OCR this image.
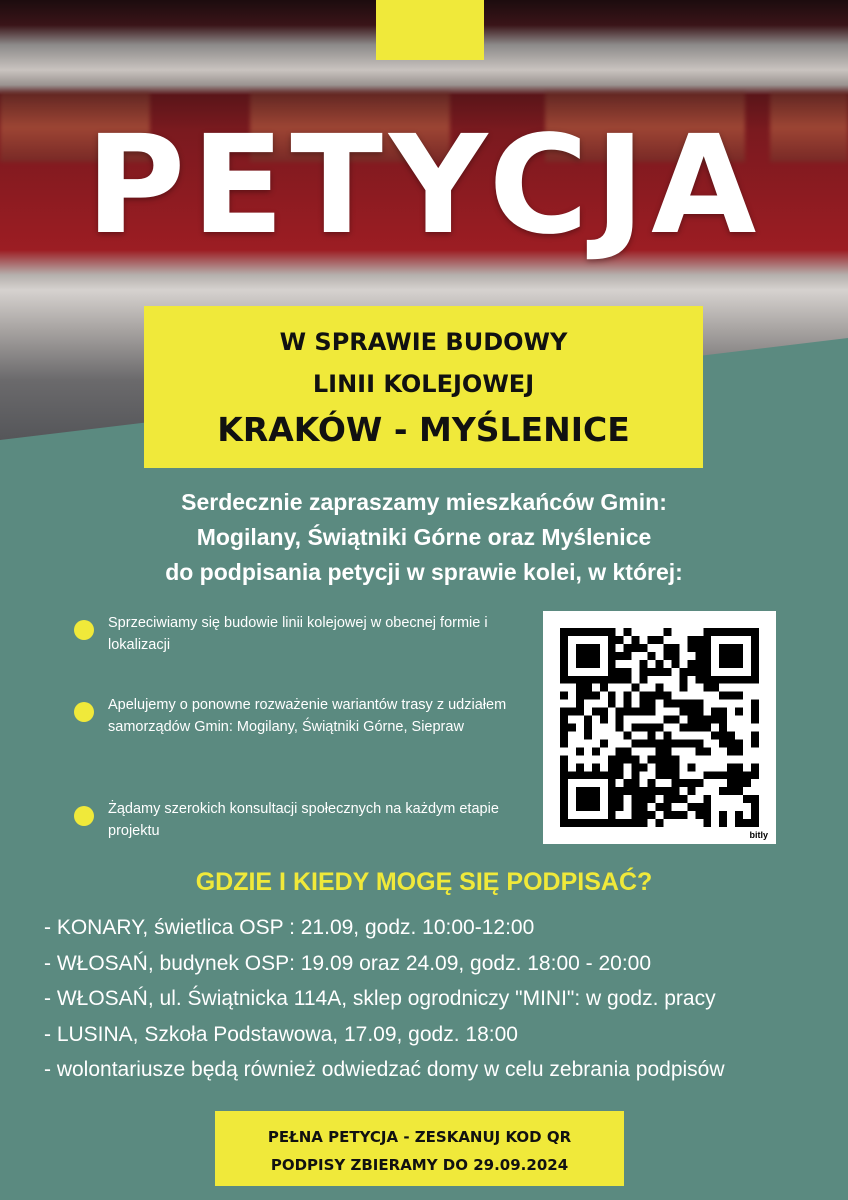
PETYCJA
W SPRAWIE BUDOWY
LINII KOLEJOWEJ
KRAKÓW - MYŚLENICE
Serdecznie zapraszamy mieszkańców Gmin:
Mogilany, Świątniki Górne oraz Myślenice
do podpisania petycji w sprawie kolei, w której:
Sprzeciwiamy się budowie linii kolejowej w obecnej formie i lokalizacji
Apelujemy o ponowne rozważenie wariantów trasy z udziałem samorządów Gmin: Mogilany, Świątniki Górne, Siepraw
Żądamy szerokich konsultacji społecznych na każdym etapie projektu	bitly
GDZIE I KIEDY MOGĘ SIĘ PODPISAĆ?
- KONARY, świetlica OSP : 21.09, godz. 10:00-12:00
- WŁOSAŃ, budynek OSP: 19.09 oraz 24.09, godz. 18:00 - 20:00
- WŁOSAŃ, ul. Świątnicka 114A, sklep ogrodniczy "MINI": w godz. pracy
- LUSINA, Szkoła Podstawowa, 17.09, godz. 18:00
- wolontariusze będą również odwiedzać domy w celu zebrania podpisów
PEŁNA PETYCJA - ZESKANUJ KOD QR
PODPISY ZBIERAMY DO 29.09.2024
